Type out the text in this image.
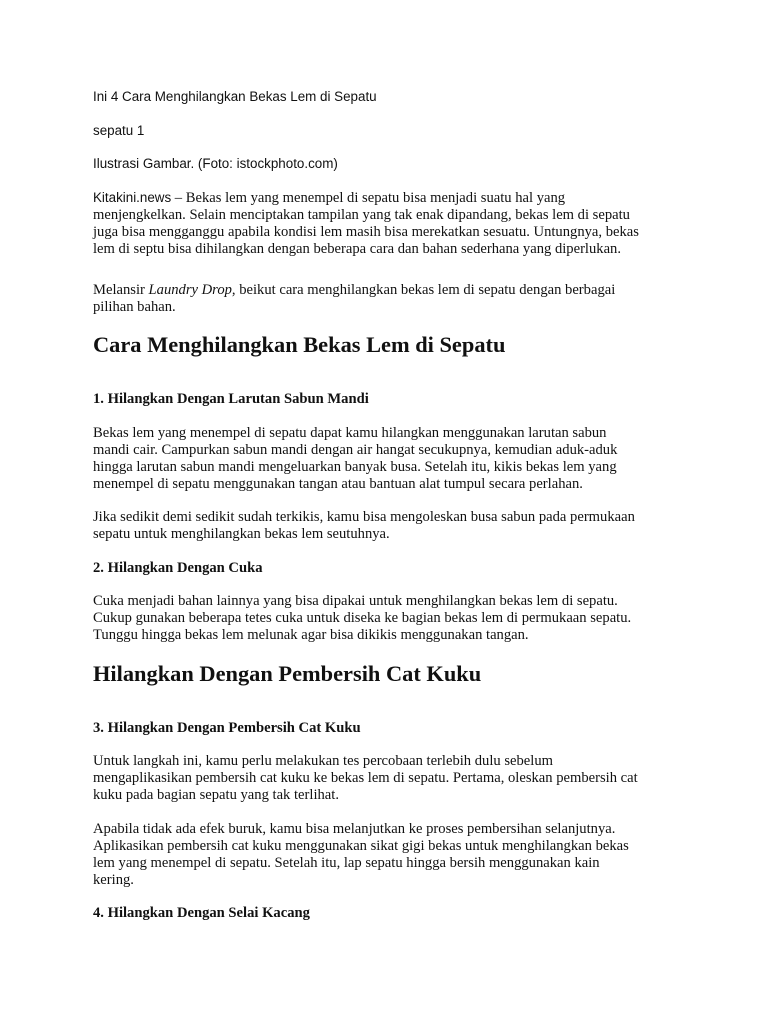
Ini 4 Cara Menghilangkan Bekas Lem di Sepatu
sepatu 1
Ilustrasi Gambar. (Foto: istockphoto.com)
Kitakini.news – Bekas lem yang menempel di sepatu bisa menjadi suatu hal yang
menjengkelkan. Selain menciptakan tampilan yang tak enak dipandang, bekas lem di sepatu
juga bisa mengganggu apabila kondisi lem masih bisa merekatkan sesuatu. Untungnya, bekas
lem di septu bisa dihilangkan dengan beberapa cara dan bahan sederhana yang diperlukan.
Melansir Laundry Drop, beikut cara menghilangkan bekas lem di sepatu dengan berbagai
pilihan bahan.
Cara Menghilangkan Bekas Lem di Sepatu
1. Hilangkan Dengan Larutan Sabun Mandi
Bekas lem yang menempel di sepatu dapat kamu hilangkan menggunakan larutan sabun
mandi cair. Campurkan sabun mandi dengan air hangat secukupnya, kemudian aduk-aduk
hingga larutan sabun mandi mengeluarkan banyak busa. Setelah itu, kikis bekas lem yang
menempel di sepatu menggunakan tangan atau bantuan alat tumpul secara perlahan.
Jika sedikit demi sedikit sudah terkikis, kamu bisa mengoleskan busa sabun pada permukaan
sepatu untuk menghilangkan bekas lem seutuhnya.
2. Hilangkan Dengan Cuka
Cuka menjadi bahan lainnya yang bisa dipakai untuk menghilangkan bekas lem di sepatu.
Cukup gunakan beberapa tetes cuka untuk diseka ke bagian bekas lem di permukaan sepatu.
Tunggu hingga bekas lem melunak agar bisa dikikis menggunakan tangan.
Hilangkan Dengan Pembersih Cat Kuku
3. Hilangkan Dengan Pembersih Cat Kuku
Untuk langkah ini, kamu perlu melakukan tes percobaan terlebih dulu sebelum
mengaplikasikan pembersih cat kuku ke bekas lem di sepatu. Pertama, oleskan pembersih cat
kuku pada bagian sepatu yang tak terlihat.
Apabila tidak ada efek buruk, kamu bisa melanjutkan ke proses pembersihan selanjutnya.
Aplikasikan pembersih cat kuku menggunakan sikat gigi bekas untuk menghilangkan bekas
lem yang menempel di sepatu. Setelah itu, lap sepatu hingga bersih menggunakan kain
kering.
4. Hilangkan Dengan Selai Kacang
